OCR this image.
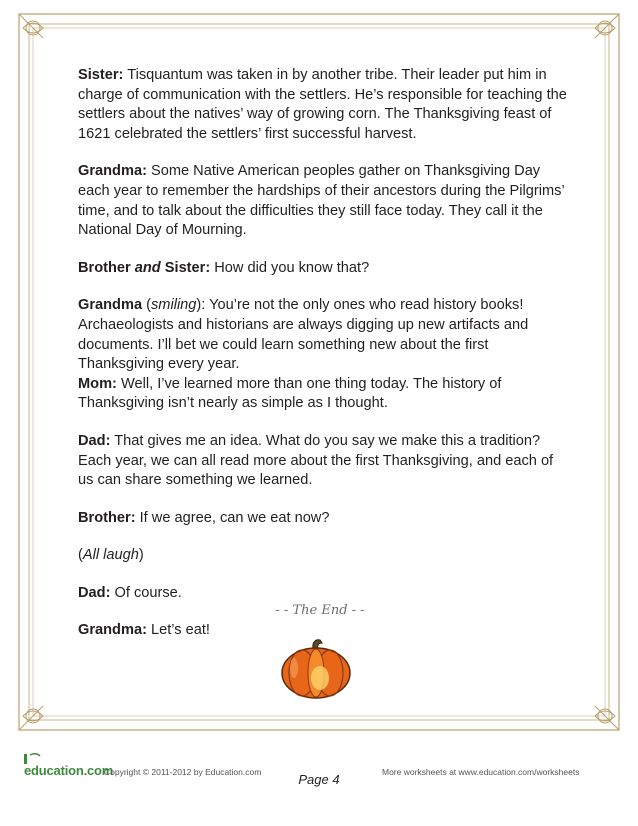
Sister: Tisquantum was taken in by another tribe. Their leader put him in charge of communication with the settlers. He’s responsible for teaching the settlers about the natives’ way of growing corn. The Thanksgiving feast of 1621 celebrated the settlers’ first successful harvest.

Grandma: Some Native American peoples gather on Thanksgiving Day each year to remember the hardships of their ancestors during the Pilgrims’ time, and to talk about the difficulties they still face today. They call it the National Day of Mourning.

Brother and Sister: How did you know that?

Grandma (smiling): You’re not the only ones who read history books! Archaeologists and historians are always digging up new artifacts and documents. I’ll bet we could learn something new about the first Thanksgiving every year.

Mom: Well, I’ve learned more than one thing today. The history of Thanksgiving isn’t nearly as simple as I thought.

Dad: That gives me an idea. What do you say we make this a tradition? Each year, we can all read more about the first Thanksgiving, and each of us can share something we learned.

Brother: If we agree, can we eat now?

(All laugh)

Dad: Of course.

Grandma: Let’s eat!

- - The End - -
education.com
Copyright © 2011-2012 by Education.com	More worksheets at www.education.com/worksheets
Page 4
